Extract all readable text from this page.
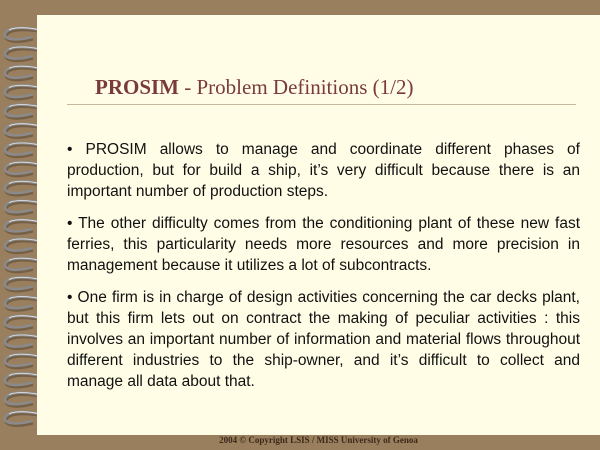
PROSIM - Problem Definitions (1/2)

• PROSIM allows to manage and coordinate different phases of production, but for build a ship, it’s very difficult because there is an important number of production steps.

• The other difficulty comes from the conditioning plant of these new fast ferries, this particularity needs more resources and more precision in management because it utilizes a lot of subcontracts.

• One firm is in charge of design activities concerning the car decks plant, but this firm lets out on contract the making of peculiar activities : this involves an important number of information and material flows throughout different industries to the ship-owner, and it’s difficult to collect and manage all data about that.

2004 © Copyright LSIS / MISS University of Genoa
